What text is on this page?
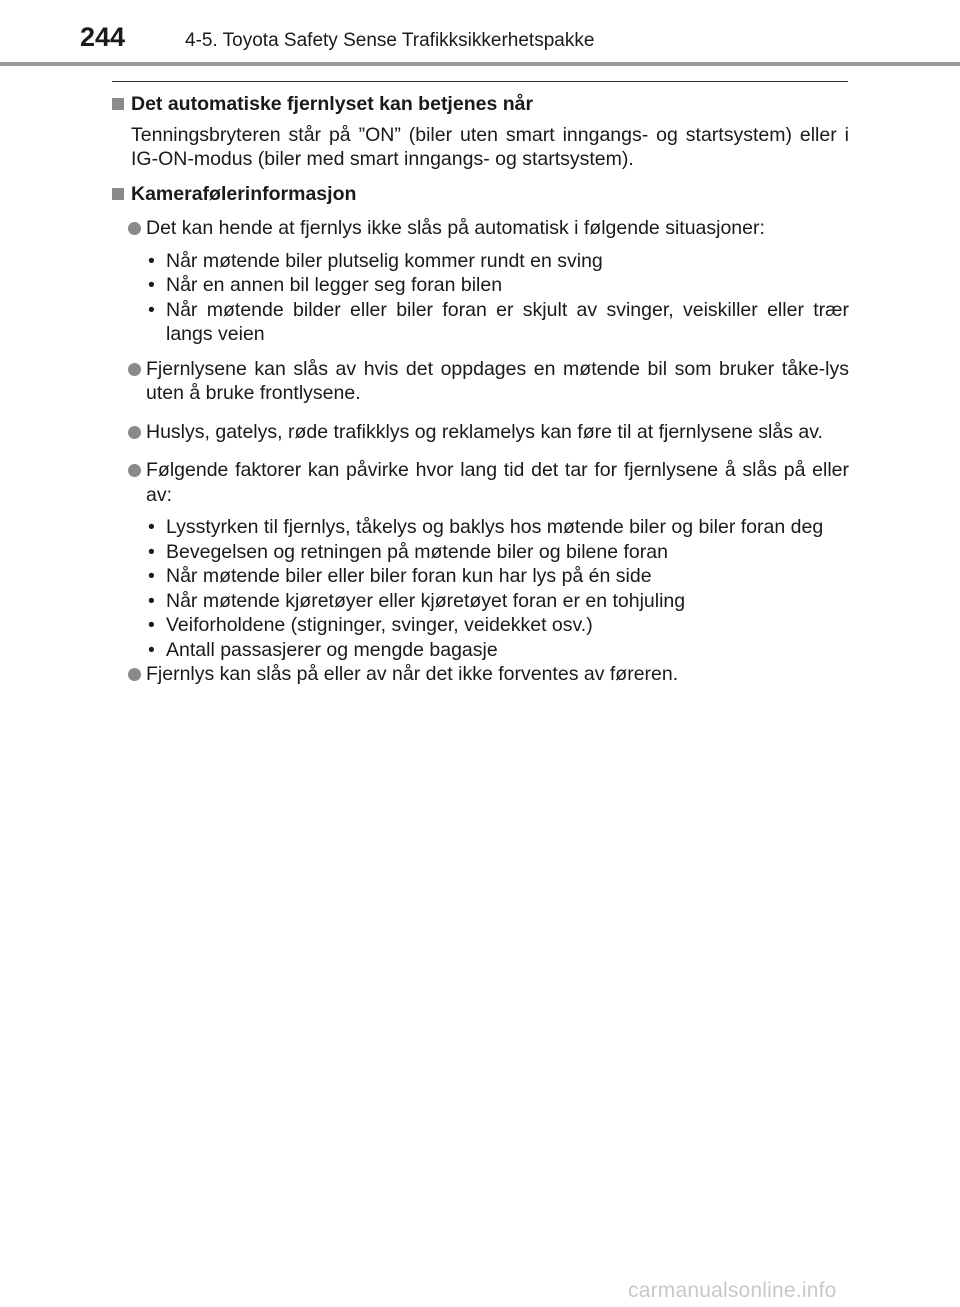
244	4-5. Toyota Safety Sense Trafikksikkerhetspakke
Det automatiske fjernlyset kan betjenes når

Tenningsbryteren står på ”ON” (biler uten smart inngangs- og startsystem) eller i IG-ON-modus (biler med smart inngangs- og startsystem).

Kamerafølerinformasjon
Det kan hende at fjernlys ikke slås på automatisk i følgende situasjoner:
• Når møtende biler plutselig kommer rundt en sving
• Når en annen bil legger seg foran bilen
• Når møtende bilder eller biler foran er skjult av svinger, veiskiller eller trær langs veien
Fjernlysene kan slås av hvis det oppdages en møtende bil som bruker tåke-lys uten å bruke frontlysene.
Huslys, gatelys, røde trafikklys og reklamelys kan føre til at fjernlysene slås av.
Følgende faktorer kan påvirke hvor lang tid det tar for fjernlysene å slås på eller av:
• Lysstyrken til fjernlys, tåkelys og baklys hos møtende biler og biler foran deg
• Bevegelsen og retningen på møtende biler og bilene foran
• Når møtende biler eller biler foran kun har lys på én side
• Når møtende kjøretøyer eller kjøretøyet foran er en tohjuling
• Veiforholdene (stigninger, svinger, veidekket osv.)
• Antall passasjerer og mengde bagasje
Fjernlys kan slås på eller av når det ikke forventes av føreren.
carmanualsonline.info
